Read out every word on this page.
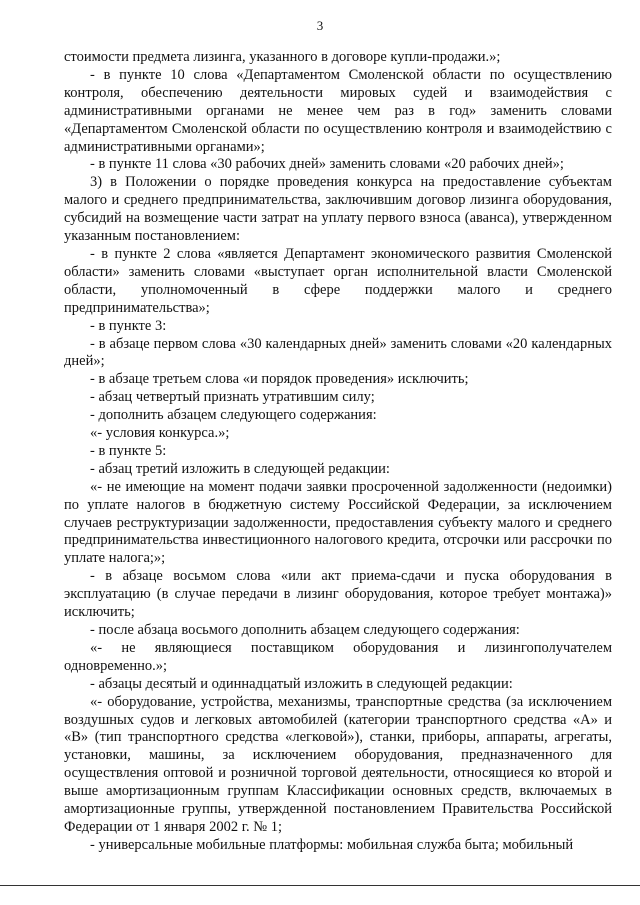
3

стоимости предмета лизинга, указанного в договоре купли-продажи.»;

- в пункте 10 слова «Департаментом Смоленской области по осуществлению контроля, обеспечению деятельности мировых судей и взаимодействия с административными органами не менее чем раз в год» заменить словами «Департаментом Смоленской области по осуществлению контроля и взаимодействию с административными органами»;

- в пункте 11 слова «30 рабочих дней» заменить словами «20 рабочих дней»;

3) в Положении о порядке проведения конкурса на предоставление субъектам малого и среднего предпринимательства, заключившим договор лизинга оборудования, субсидий на возмещение части затрат на уплату первого взноса (аванса), утвержденном указанным постановлением:

- в пункте 2 слова «является Департамент экономического развития Смоленской области» заменить словами «выступает орган исполнительной власти Смоленской области, уполномоченный в сфере поддержки малого и среднего предпринимательства»;

- в пункте 3:

- в абзаце первом слова «30 календарных дней» заменить словами «20 календарных дней»;

- в абзаце третьем слова «и порядок проведения» исключить;

- абзац четвертый признать утратившим силу;

- дополнить абзацем следующего содержания:

«- условия конкурса.»;

- в пункте 5:

- абзац третий изложить в следующей редакции:

«- не имеющие на момент подачи заявки просроченной задолженности (недоимки) по уплате налогов в бюджетную систему Российской Федерации, за исключением случаев реструктуризации задолженности, предоставления субъекту малого и среднего предпринимательства инвестиционного налогового кредита, отсрочки или рассрочки по уплате налога;»;

- в абзаце восьмом слова «или акт приема-сдачи и пуска оборудования в эксплуатацию (в случае передачи в лизинг оборудования, которое требует монтажа)» исключить;

- после абзаца восьмого дополнить абзацем следующего содержания:

«- не являющиеся поставщиком оборудования и лизингополучателем одновременно.»;

- абзацы десятый и одиннадцатый изложить в следующей редакции:

«- оборудование, устройства, механизмы, транспортные средства (за исключением воздушных судов и легковых автомобилей (категории транспортного средства «А» и «В» (тип транспортного средства «легковой»), станки, приборы, аппараты, агрегаты, установки, машины, за исключением оборудования, предназначенного для осуществления оптовой и розничной торговой деятельности, относящиеся ко второй и выше амортизационным группам Классификации основных средств, включаемых в амортизационные группы, утвержденной постановлением Правительства Российской Федерации от 1 января 2002 г. № 1;

- универсальные мобильные платформы: мобильная служба быта; мобильный
